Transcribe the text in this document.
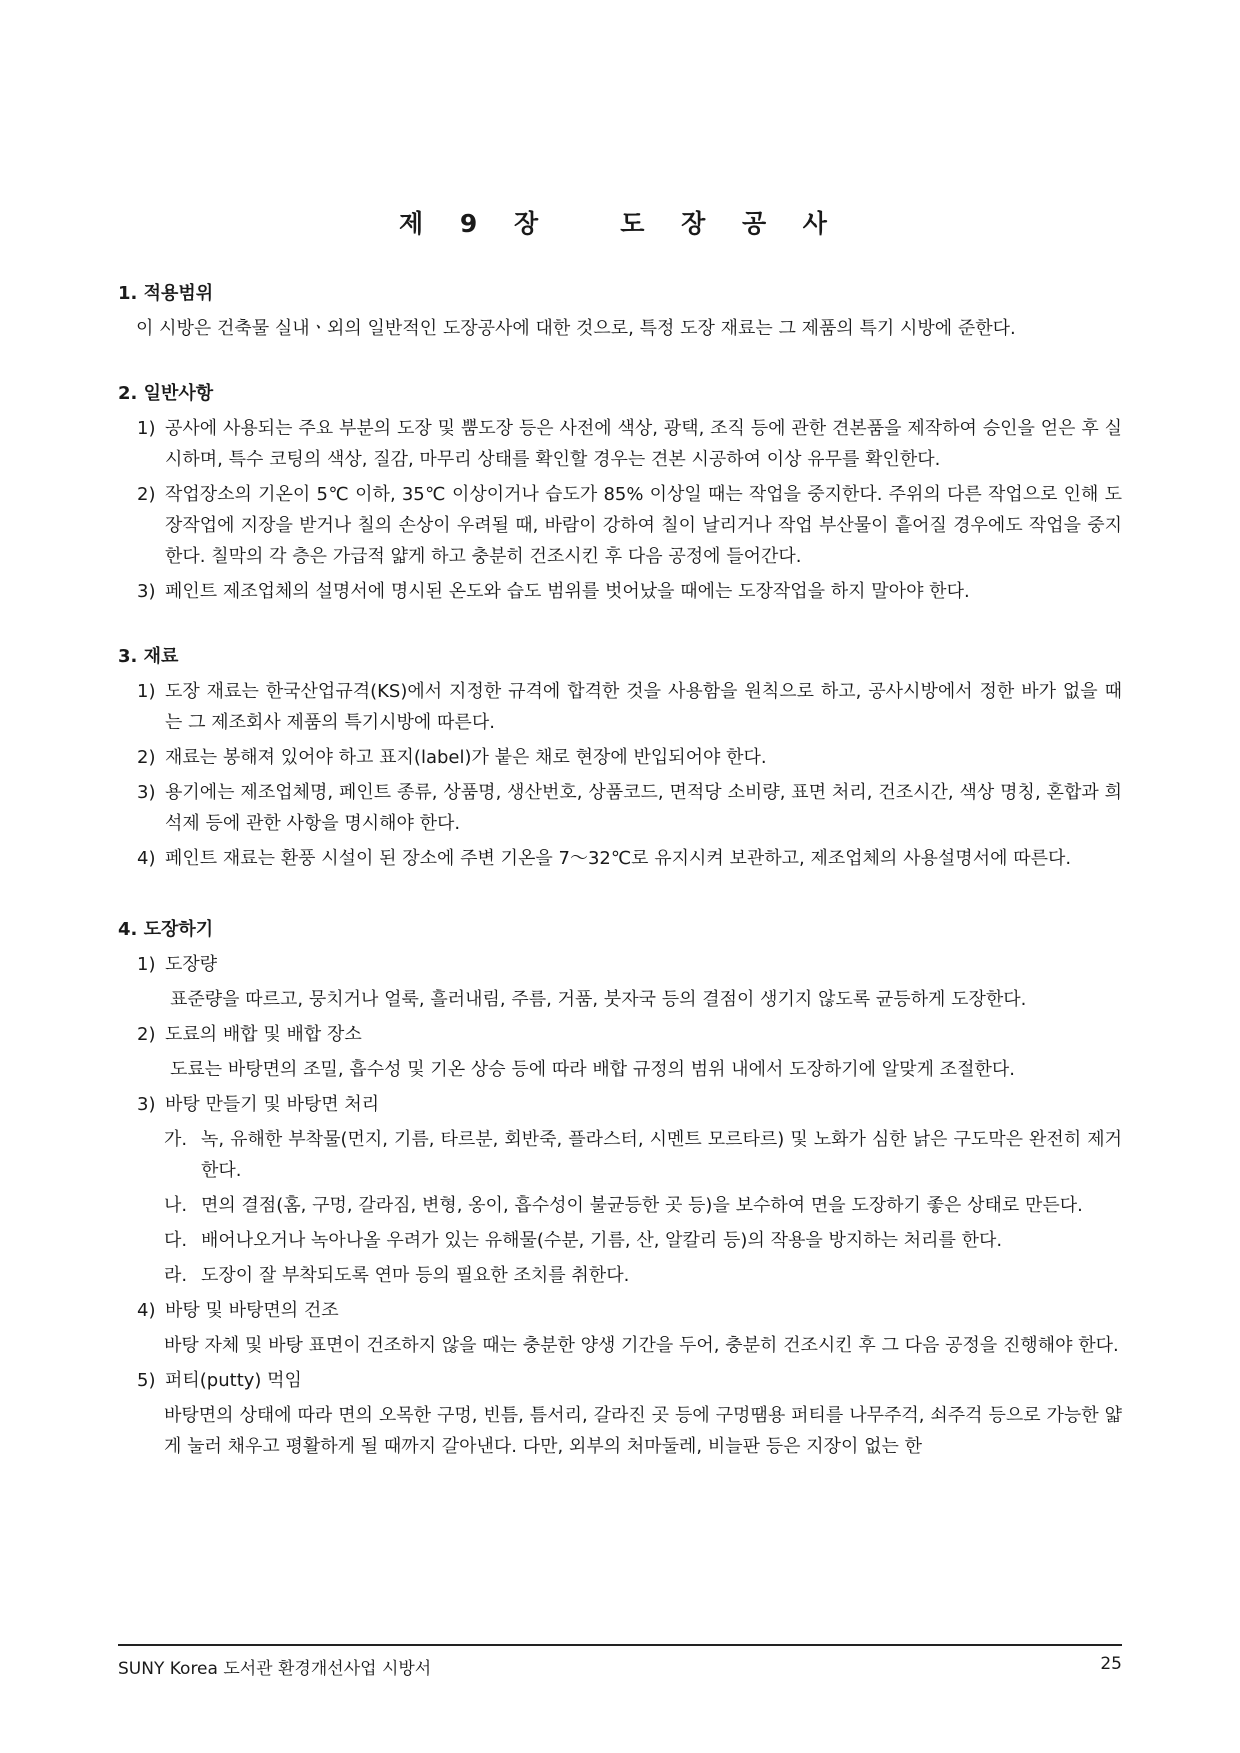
제 9 장   도 장 공 사

1. 적용범위

이 시방은 건축물 실내ㆍ외의 일반적인 도장공사에 대한 것으로, 특정 도장 재료는 그 제품의 특기 시방에 준한다.

2. 일반사항

1) 공사에 사용되는 주요 부분의 도장 및 뿜도장 등은 사전에 색상, 광택, 조직 등에 관한 견본품을 제작하여 승인을 얻은 후 실시하며, 특수 코팅의 색상, 질감, 마무리 상태를 확인할 경우는 견본 시공하여 이상 유무를 확인한다.
2) 작업장소의 기온이 5℃ 이하, 35℃ 이상이거나 습도가 85% 이상일 때는 작업을 중지한다. 주위의 다른 작업으로 인해 도장작업에 지장을 받거나 칠의 손상이 우려될 때, 바람이 강하여 칠이 날리거나 작업 부산물이 흩어질 경우에도 작업을 중지한다. 칠막의 각 층은 가급적 얇게 하고 충분히 건조시킨 후 다음 공정에 들어간다.
3) 페인트 제조업체의 설명서에 명시된 온도와 습도 범위를 벗어났을 때에는 도장작업을 하지 말아야 한다.

3. 재료

1) 도장 재료는 한국산업규격(KS)에서 지정한 규격에 합격한 것을 사용함을 원칙으로 하고, 공사시방에서 정한 바가 없을 때는 그 제조회사 제품의 특기시방에 따른다.
2) 재료는 봉해져 있어야 하고 표지(label)가 붙은 채로 현장에 반입되어야 한다.
3) 용기에는 제조업체명, 페인트 종류, 상품명, 생산번호, 상품코드, 면적당 소비량, 표면 처리, 건조시간, 색상 명칭, 혼합과 희석제 등에 관한 사항을 명시해야 한다.
4) 페인트 재료는 환풍 시설이 된 장소에 주변 기온을 7～32℃로 유지시켜 보관하고, 제조업체의 사용설명서에 따른다.

4. 도장하기

1) 도장량
표준량을 따르고, 뭉치거나 얼룩, 흘러내림, 주름, 거품, 붓자국 등의 결점이 생기지 않도록 균등하게 도장한다.
2) 도료의 배합 및 배합 장소
도료는 바탕면의 조밀, 흡수성 및 기온 상승 등에 따라 배합 규정의 범위 내에서 도장하기에 알맞게 조절한다.
3) 바탕 만들기 및 바탕면 처리
가. 녹, 유해한 부착물(먼지, 기름, 타르분, 회반죽, 플라스터, 시멘트 모르타르) 및 노화가 심한 낡은 구도막은 완전히 제거한다.
나. 면의 결점(홈, 구멍, 갈라짐, 변형, 옹이, 흡수성이 불균등한 곳 등)을 보수하여 면을 도장하기 좋은 상태로 만든다.
다. 배어나오거나 녹아나올 우려가 있는 유해물(수분, 기름, 산, 알칼리 등)의 작용을 방지하는 처리를 한다.
라. 도장이 잘 부착되도록 연마 등의 필요한 조치를 취한다.
4) 바탕 및 바탕면의 건조
바탕 자체 및 바탕 표면이 건조하지 않을 때는 충분한 양생 기간을 두어, 충분히 건조시킨 후 그 다음 공정을 진행해야 한다.
5) 퍼티(putty) 먹임
바탕면의 상태에 따라 면의 오목한 구멍, 빈틈, 틈서리, 갈라진 곳 등에 구멍땜용 퍼티를 나무주걱, 쇠주걱 등으로 가능한 얇게 눌러 채우고 평활하게 될 때까지 갈아낸다. 다만, 외부의 처마둘레, 비늘판 등은 지장이 없는 한
SUNY Korea 도서관 환경개선사업 시방서	25
